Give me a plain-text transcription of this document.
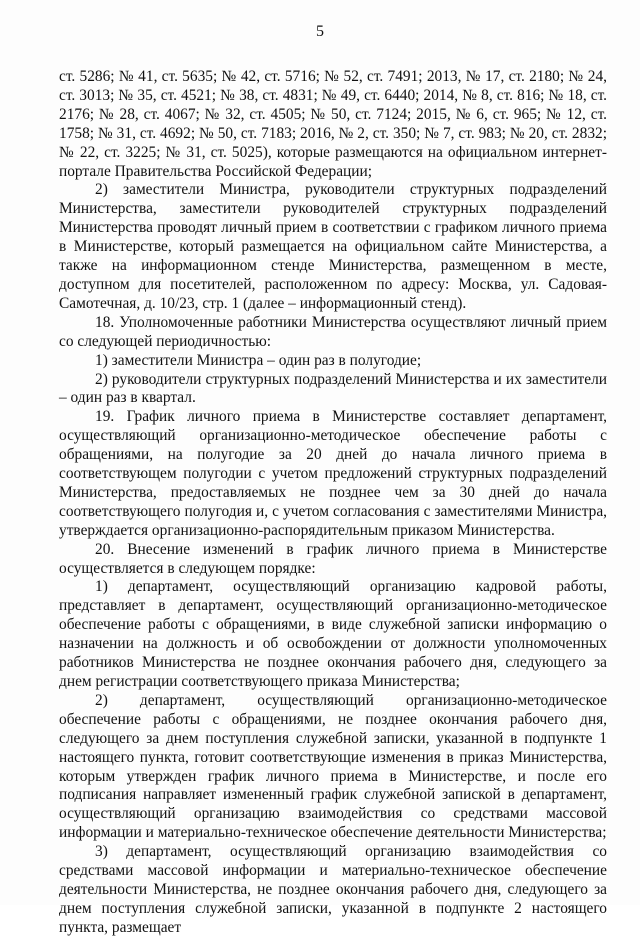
5

ст. 5286; № 41, ст. 5635; № 42, ст. 5716; № 52, ст. 7491; 2013, № 17, ст. 2180; № 24, ст. 3013; № 35, ст. 4521; № 38, ст. 4831; № 49, ст. 6440; 2014, № 8, ст. 816; № 18, ст. 2176; № 28, ст. 4067; № 32, ст. 4505; № 50, ст. 7124; 2015, № 6, ст. 965; № 12, ст. 1758; № 31, ст. 4692; № 50, ст. 7183; 2016, № 2, ст. 350; № 7, ст. 983; № 20, ст. 2832; № 22, ст. 3225; № 31, ст. 5025), которые размещаются на официальном интернет-портале Правительства Российской Федерации;

2) заместители Министра, руководители структурных подразделений Министерства, заместители руководителей структурных подразделений Министерства проводят личный прием в соответствии с графиком личного приема в Министерстве, который размещается на официальном сайте Министерства, а также на информационном стенде Министерства, размещенном в месте, доступном для посетителей, расположенном по адресу: Москва, ул. Садовая-Самотечная, д. 10/23, стр. 1 (далее – информационный стенд).

18. Уполномоченные работники Министерства осуществляют личный прием со следующей периодичностью:

1) заместители Министра – один раз в полугодие;

2) руководители структурных подразделений Министерства и их заместители – один раз в квартал.

19. График личного приема в Министерстве составляет департамент, осуществляющий организационно-методическое обеспечение работы с обращениями, на полугодие за 20 дней до начала личного приема в соответствующем полугодии с учетом предложений структурных подразделений Министерства, предоставляемых не позднее чем за 30 дней до начала соответствующего полугодия и, с учетом согласования с заместителями Министра, утверждается организационно-распорядительным приказом Министерства.

20. Внесение изменений в график личного приема в Министерстве осуществляется в следующем порядке:

1) департамент, осуществляющий организацию кадровой работы, представляет в департамент, осуществляющий организационно-методическое обеспечение работы с обращениями, в виде служебной записки информацию о назначении на должность и об освобождении от должности уполномоченных работников Министерства не позднее окончания рабочего дня, следующего за днем регистрации соответствующего приказа Министерства;

2) департамент, осуществляющий организационно-методическое обеспечение работы с обращениями, не позднее окончания рабочего дня, следующего за днем поступления служебной записки, указанной в подпункте 1 настоящего пункта, готовит соответствующие изменения в приказ Министерства, которым утвержден график личного приема в Министерстве, и после его подписания направляет измененный график служебной запиской в департамент, осуществляющий организацию взаимодействия со средствами массовой информации и материально-техническое обеспечение деятельности Министерства;

3) департамент, осуществляющий организацию взаимодействия со средствами массовой информации и материально-техническое обеспечение деятельности Министерства, не позднее окончания рабочего дня, следующего за днем поступления служебной записки, указанной в подпункте 2 настоящего пункта, размещает
